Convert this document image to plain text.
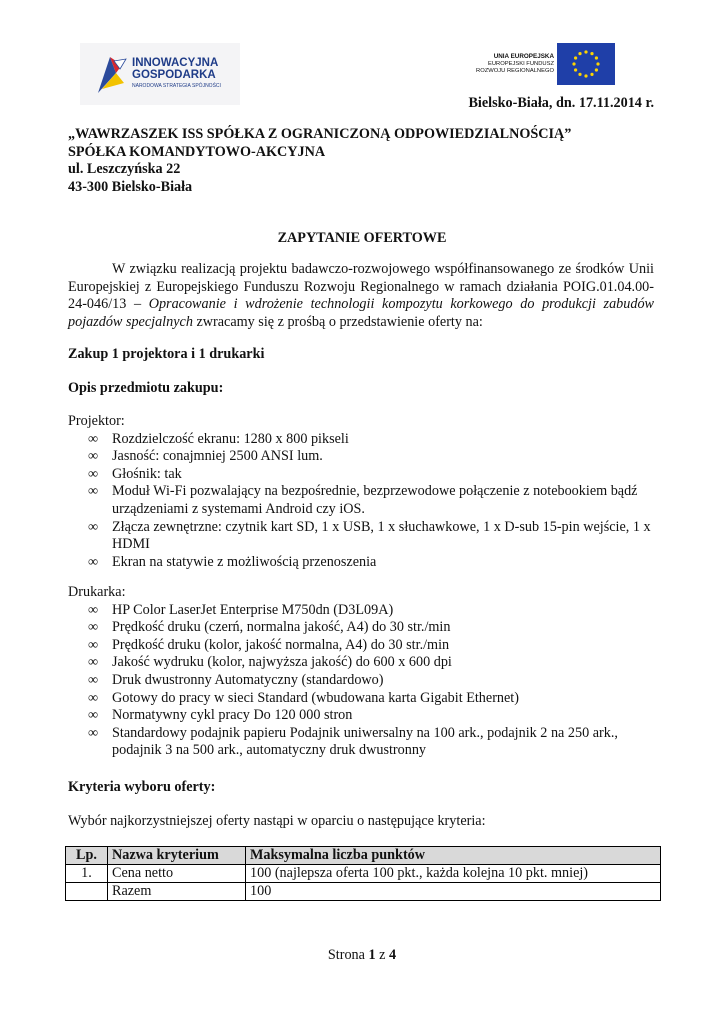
INNOWACYJNA
GOSPODARKA
NARODOWA STRATEGIA SPÓJNOŚCI
UNIA EUROPEJSKA
EUROPEJSKI FUNDUSZ
ROZWOJU REGIONALNEGO
Bielsko-Biała, dn. 17.11.2014 r.
„WAWRZASZEK ISS SPÓŁKA Z OGRANICZONĄ ODPOWIEDZIALNOŚCIĄ”
SPÓŁKA KOMANDYTOWO-AKCYJNA
ul. Leszczyńska 22
43-300 Bielsko-Biała
ZAPYTANIE OFERTOWE

W związku realizacją projektu badawczo-rozwojowego współfinansowanego ze środków Unii Europejskiej z Europejskiego Funduszu Rozwoju Regionalnego w ramach działania POIG.01.04.00-24-046/13 – Opracowanie i wdrożenie technologii kompozytu korkowego do produkcji zabudów pojazdów specjalnych zwracamy się z prośbą o przedstawienie oferty na:

Zakup 1 projektora i 1 drukarki
Opis przedmiotu zakupu:
Projektor:
∞ Rozdzielczość ekranu: 1280 x 800 pikseli
∞ Jasność: conajmniej 2500 ANSI lum.
∞ Głośnik: tak
∞ Moduł Wi-Fi pozwalający na bezpośrednie, bezprzewodowe połączenie z notebookiem bądź urządzeniami z systemami Android czy iOS.
∞ Złącza zewnętrzne: czytnik kart SD, 1 x USB, 1 x słuchawkowe, 1 x D-sub 15-pin wejście, 1 x HDMI
∞ Ekran na statywie z możliwością przenoszenia
Drukarka:
∞ HP Color LaserJet Enterprise M750dn (D3L09A)
∞ Prędkość druku (czerń, normalna jakość, A4) do 30 str./min
∞ Prędkość druku (kolor, jakość normalna, A4) do 30 str./min
∞ Jakość wydruku (kolor, najwyższa jakość) do 600 x 600 dpi
∞ Druk dwustronny Automatyczny (standardowo)
∞ Gotowy do pracy w sieci Standard (wbudowana karta Gigabit Ethernet)
∞ Normatywny cykl pracy Do 120 000 stron
∞ Standardowy podajnik papieru Podajnik uniwersalny na 100 ark., podajnik 2 na 250 ark., podajnik 3 na 500 ark., automatyczny druk dwustronny
Kryteria wyboru oferty:
Wybór najkorzystniejszej oferty nastąpi w oparciu o następujące kryteria:
Lp.	Nazwa kryterium	Maksymalna liczba punktów
1.	Cena netto	100 (najlepsza oferta 100 pkt., każda kolejna 10 pkt. mniej)
	Razem	100
Strona 1 z 4
